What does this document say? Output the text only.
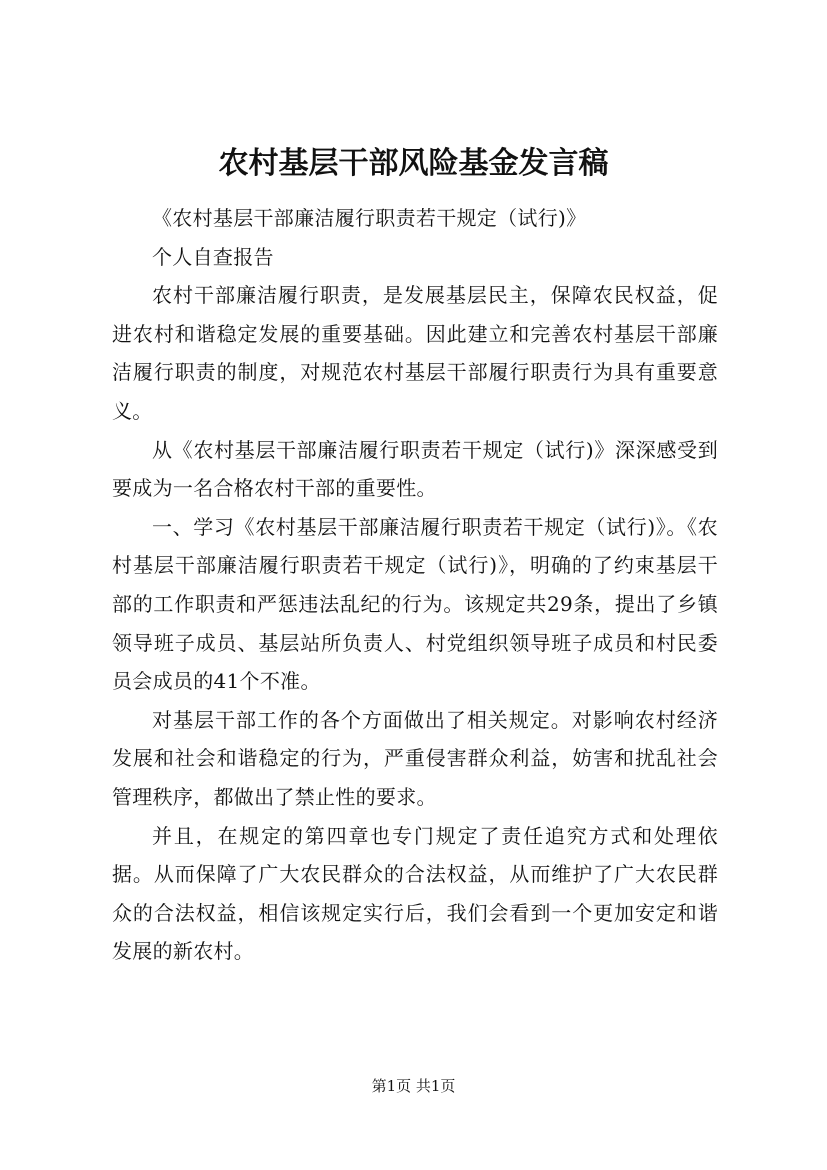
农村基层干部风险基金发言稿

《农村基层干部廉洁履行职责若干规定（试行)》

个人自查报告

农村干部廉洁履行职责，是发展基层民主，保障农民权益，促进农村和谐稳定发展的重要基础。因此建立和完善农村基层干部廉洁履行职责的制度，对规范农村基层干部履行职责行为具有重要意义。

从《农村基层干部廉洁履行职责若干规定（试行)》深深感受到要成为一名合格农村干部的重要性。

一、学习《农村基层干部廉洁履行职责若干规定（试行)》。《农村基层干部廉洁履行职责若干规定（试行)》，明确的了约束基层干部的工作职责和严惩违法乱纪的行为。该规定共29条，提出了乡镇领导班子成员、基层站所负责人、村党组织领导班子成员和村民委员会成员的41个不准。

对基层干部工作的各个方面做出了相关规定。对影响农村经济发展和社会和谐稳定的行为，严重侵害群众利益，妨害和扰乱社会管理秩序，都做出了禁止性的要求。

并且，在规定的第四章也专门规定了责任追究方式和处理依据。从而保障了广大农民群众的合法权益，从而维护了广大农民群众的合法权益，相信该规定实行后，我们会看到一个更加安定和谐发展的新农村。

第1页 共1页
